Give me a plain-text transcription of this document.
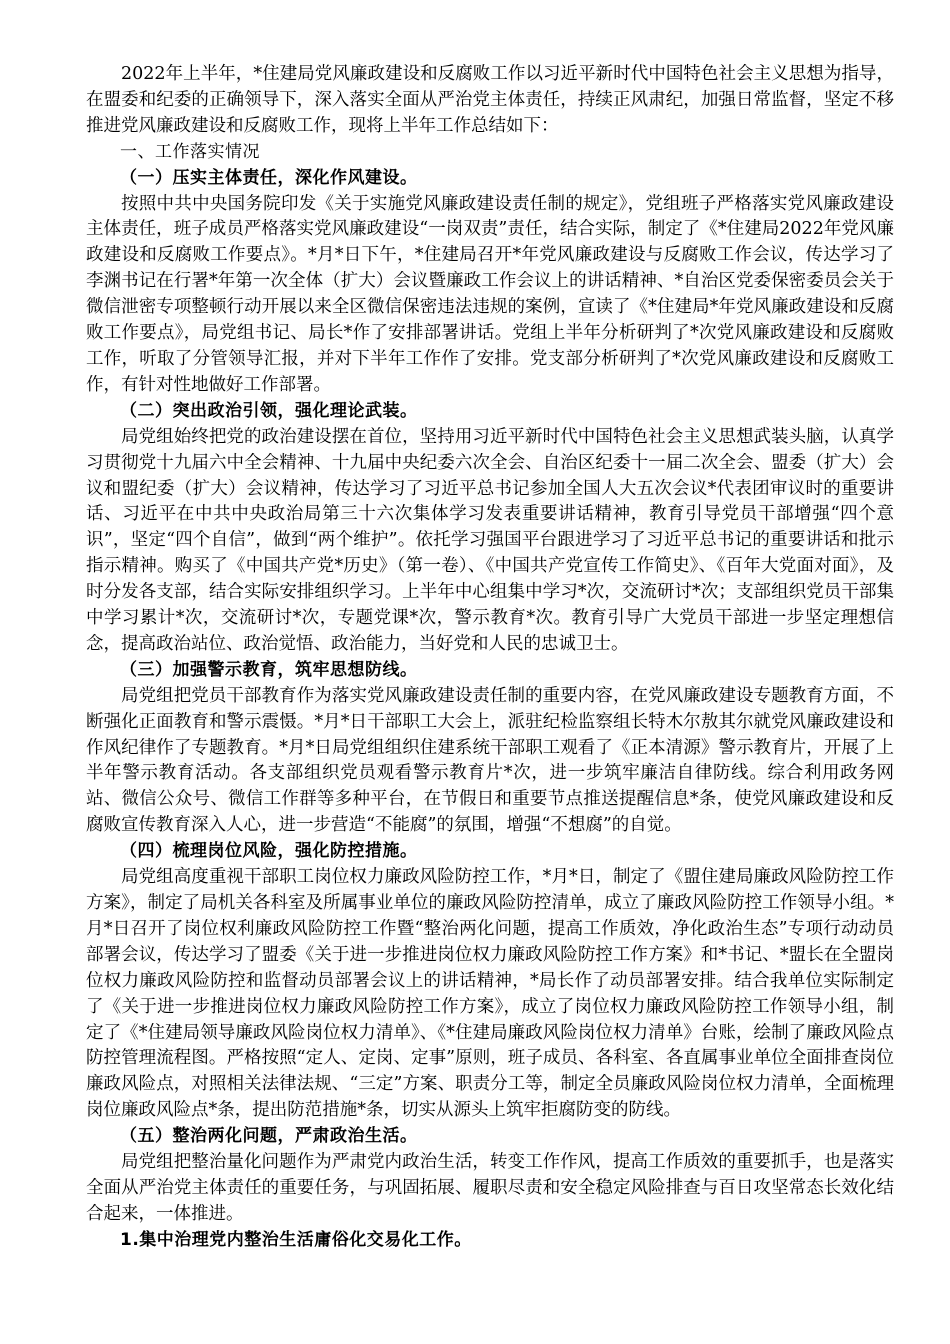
2022年上半年，*住建局党风廉政建设和反腐败工作以习近平新时代中国特色社会主义思想为指导，在盟委和纪委的正确领导下，深入落实全面从严治党主体责任，持续正风肃纪，加强日常监督，坚定不移推进党风廉政建设和反腐败工作，现将上半年工作总结如下：

一、工作落实情况

（一）压实主体责任，深化作风建设。

按照中共中央国务院印发《关于实施党风廉政建设责任制的规定》，党组班子严格落实党风廉政建设主体责任，班子成员严格落实党风廉政建设“一岗双责”责任，结合实际，制定了《*住建局2022年党风廉政建设和反腐败工作要点》。*月*日下午，*住建局召开*年党风廉政建设与反腐败工作会议，传达学习了李渊书记在行署*年第一次全体（扩大）会议暨廉政工作会议上的讲话精神、*自治区党委保密委员会关于微信泄密专项整顿行动开展以来全区微信保密违法违规的案例，宣读了《*住建局*年党风廉政建设和反腐败工作要点》，局党组书记、局长*作了安排部署讲话。党组上半年分析研判了*次党风廉政建设和反腐败工作，听取了分管领导汇报，并对下半年工作作了安排。党支部分析研判了*次党风廉政建设和反腐败工作，有针对性地做好工作部署。

（二）突出政治引领，强化理论武装。

局党组始终把党的政治建设摆在首位，坚持用习近平新时代中国特色社会主义思想武装头脑，认真学习贯彻党十九届六中全会精神、十九届中央纪委六次全会、自治区纪委十一届二次全会、盟委（扩大）会议和盟纪委（扩大）会议精神，传达学习了习近平总书记参加全国人大五次会议*代表团审议时的重要讲话、习近平在中共中央政治局第三十六次集体学习发表重要讲话精神，教育引导党员干部增强“四个意识”，坚定“四个自信”，做到“两个维护”。依托学习强国平台跟进学习了习近平总书记的重要讲话和批示指示精神。购买了《中国共产党*历史》（第一卷）、《中国共产党宣传工作简史》、《百年大党面对面》，及时分发各支部，结合实际安排组织学习。上半年中心组集中学习*次，交流研讨*次；支部组织党员干部集中学习累计*次，交流研讨*次，专题党课*次，警示教育*次。教育引导广大党员干部进一步坚定理想信念，提高政治站位、政治觉悟、政治能力，当好党和人民的忠诚卫士。

（三）加强警示教育，筑牢思想防线。

局党组把党员干部教育作为落实党风廉政建设责任制的重要内容，在党风廉政建设专题教育方面，不断强化正面教育和警示震慑。*月*日干部职工大会上，派驻纪检监察组长特木尔敖其尔就党风廉政建设和作风纪律作了专题教育。*月*日局党组组织住建系统干部职工观看了《正本清源》警示教育片，开展了上半年警示教育活动。各支部组织党员观看警示教育片*次，进一步筑牢廉洁自律防线。综合利用政务网站、微信公众号、微信工作群等多种平台，在节假日和重要节点推送提醒信息*条，使党风廉政建设和反腐败宣传教育深入人心，进一步营造“不能腐”的氛围，增强“不想腐”的自觉。

（四）梳理岗位风险，强化防控措施。

局党组高度重视干部职工岗位权力廉政风险防控工作，*月*日，制定了《盟住建局廉政风险防控工作方案》，制定了局机关各科室及所属事业单位的廉政风险防控清单，成立了廉政风险防控工作领导小组。*月*日召开了岗位权利廉政风险防控工作暨“整治两化问题，提高工作质效，净化政治生态”专项行动动员部署会议，传达学习了盟委《关于进一步推进岗位权力廉政风险防控工作方案》和*书记、*盟长在全盟岗位权力廉政风险防控和监督动员部署会议上的讲话精神，*局长作了动员部署安排。结合我单位实际制定了《关于进一步推进岗位权力廉政风险防控工作方案》，成立了岗位权力廉政风险防控工作领导小组，制定了《*住建局领导廉政风险岗位权力清单》、《*住建局廉政风险岗位权力清单》台账，绘制了廉政风险点防控管理流程图。严格按照“定人、定岗、定事”原则，班子成员、各科室、各直属事业单位全面排查岗位廉政风险点，对照相关法律法规、“三定”方案、职责分工等，制定全员廉政风险岗位权力清单，全面梳理岗位廉政风险点*条，提出防范措施*条，切实从源头上筑牢拒腐防变的防线。

（五）整治两化问题，严肃政治生活。

局党组把整治量化问题作为严肃党内政治生活，转变工作作风，提高工作质效的重要抓手，也是落实全面从严治党主体责任的重要任务，与巩固拓展、履职尽责和安全稳定风险排查与百日攻坚常态长效化结合起来，一体推进。

1.集中治理党内整治生活庸俗化交易化工作。
